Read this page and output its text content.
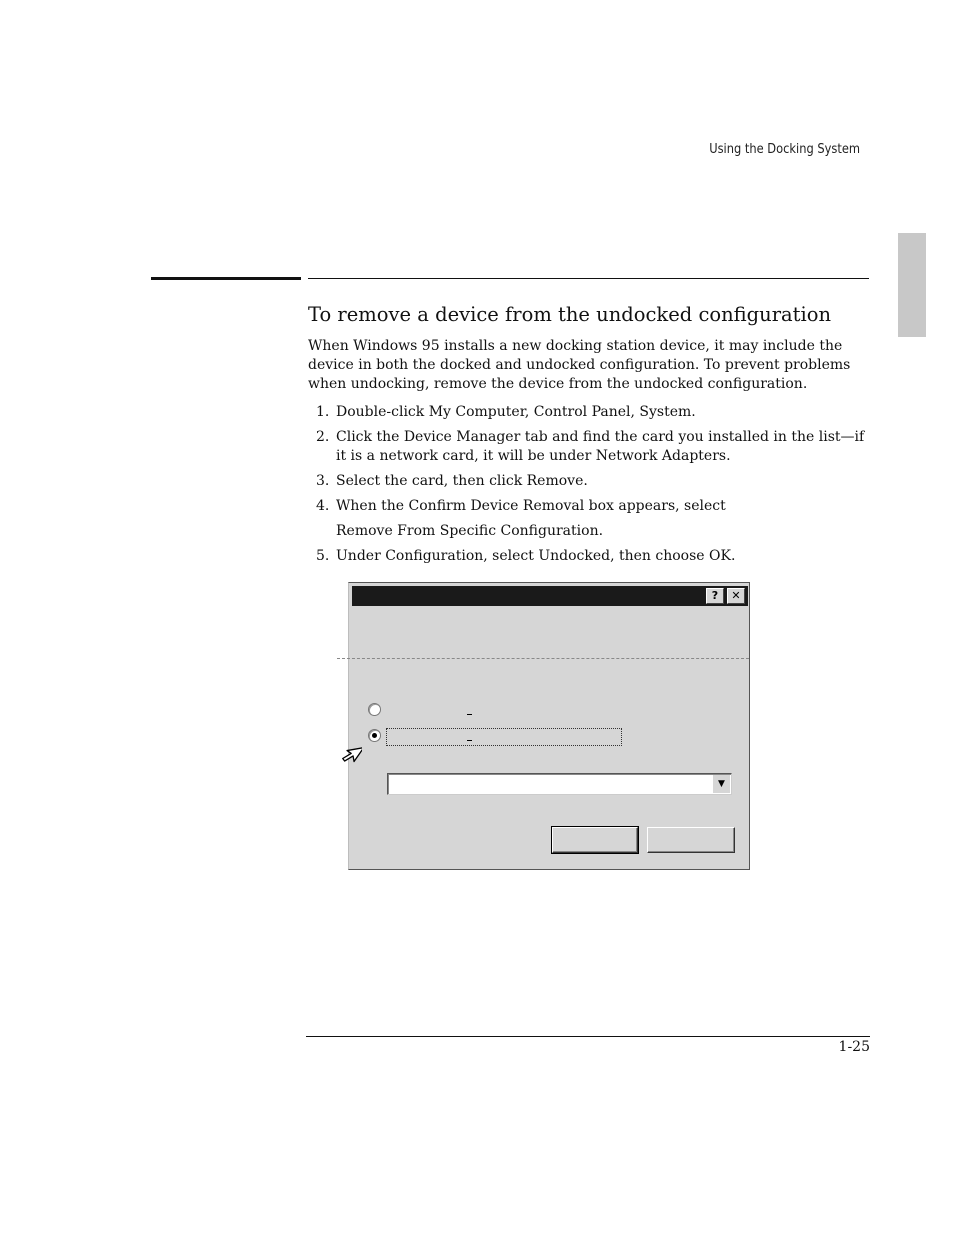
Using the Docking System
To remove a device from the undocked configuration

When Windows 95 installs a new docking station device, it may include the device in both the docked and undocked configuration. To prevent problems when undocking, remove the device from the undocked configuration.

1. Double-click My Computer, Control Panel, System.
2. Click the Device Manager tab and find the card you installed in the list—if it is a network card, it will be under Network Adapters.
3. Select the card, then click Remove.
4. When the Confirm Device Removal box appears, select
Remove From Specific Configuration.
5. Under Configuration, select Undocked, then choose OK.
?	✕
▼
1-25
